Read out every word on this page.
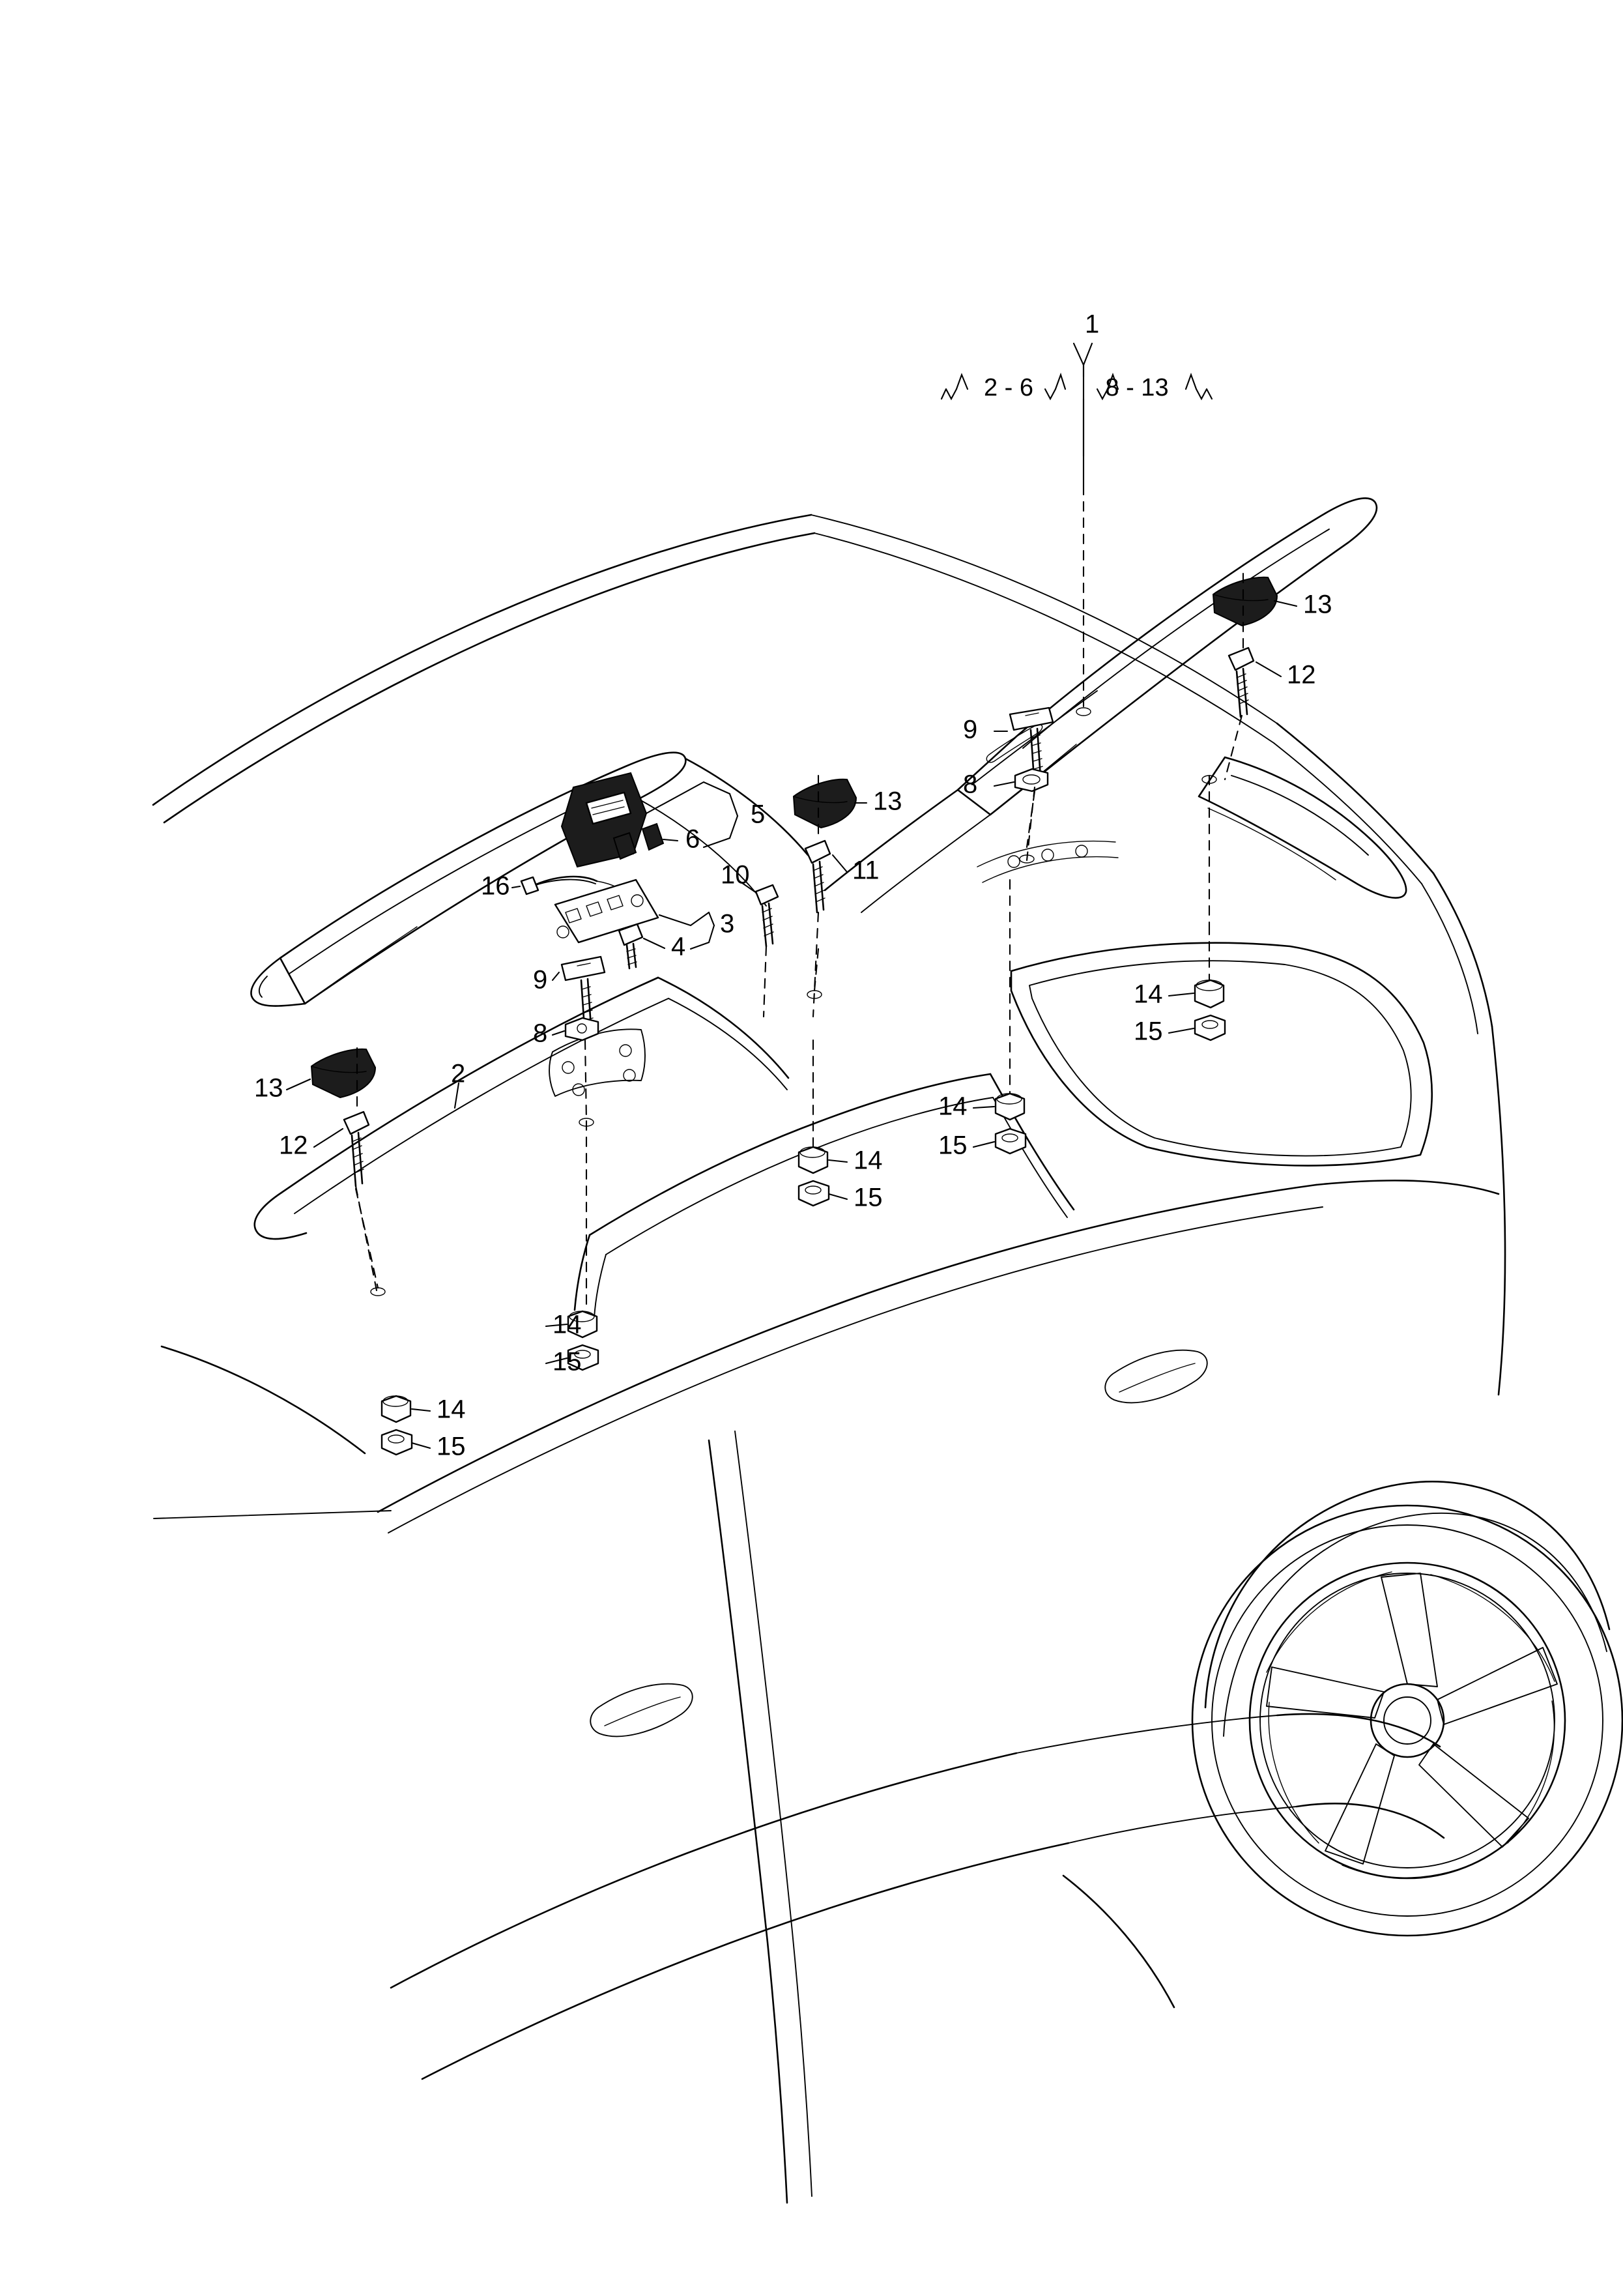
1
2 - 6	8 - 13
13
12
9
8
13
5
6
11
10
16
3
4
9
8
14
15
14
15
13	2
12
14
15
14
15
14
15
